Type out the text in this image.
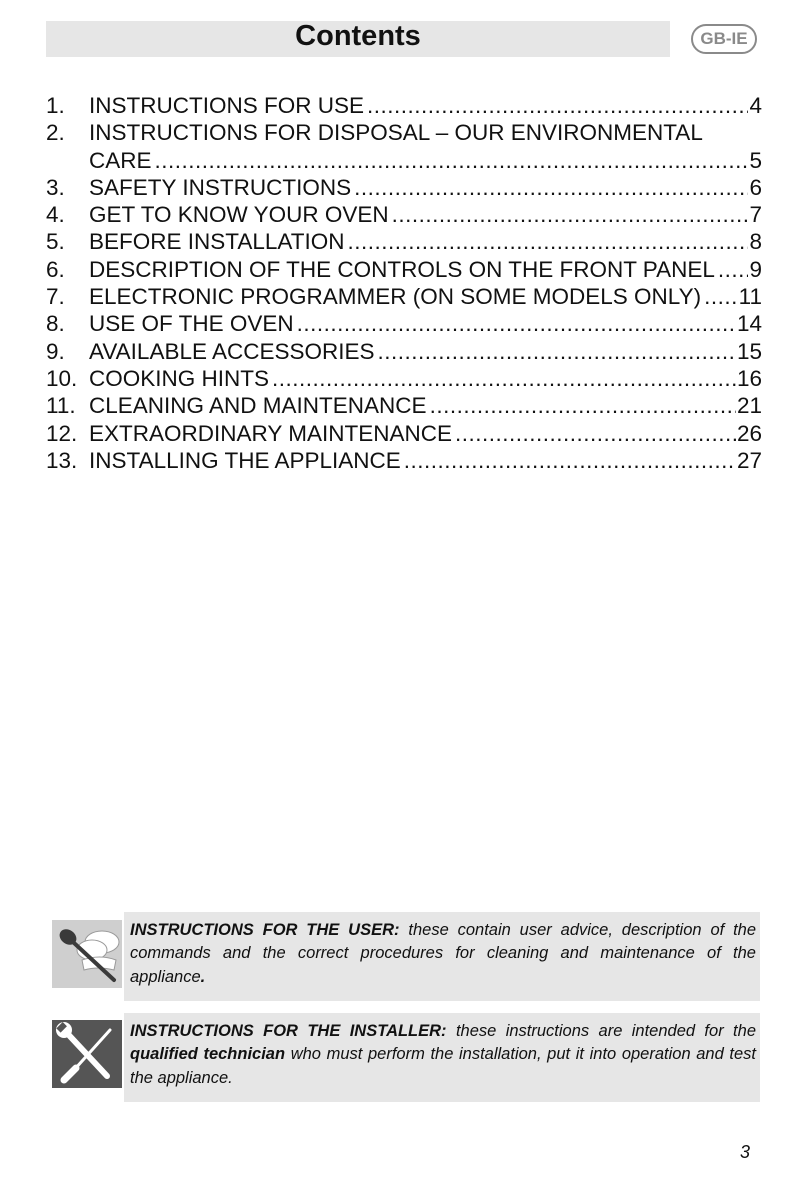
Contents	GB-IE
1. INSTRUCTIONS FOR USE .....	4
2. INSTRUCTIONS FOR DISPOSAL – OUR ENVIRONMENTAL
CARE .....	5
3. SAFETY INSTRUCTIONS .....	6
4. GET TO KNOW YOUR OVEN .....	7
5. BEFORE INSTALLATION .....	8
6. DESCRIPTION OF THE CONTROLS ON THE FRONT PANEL ..... 9
7. ELECTRONIC PROGRAMMER (ON SOME MODELS ONLY) ..... 11
8. USE OF THE OVEN .....	14
9. AVAILABLE ACCESSORIES .....	15
10. COOKING HINTS .....	16
11. CLEANING AND MAINTENANCE .....	21
12. EXTRAORDINARY MAINTENANCE .....	26
13. INSTALLING THE APPLIANCE .....	27
INSTRUCTIONS FOR THE USER: these contain user advice, description of the commands and the correct procedures for cleaning and maintenance of the appliance.
INSTRUCTIONS FOR THE INSTALLER: these instructions are intended for the qualified technician who must perform the installation, put it into operation and test the appliance.
3
